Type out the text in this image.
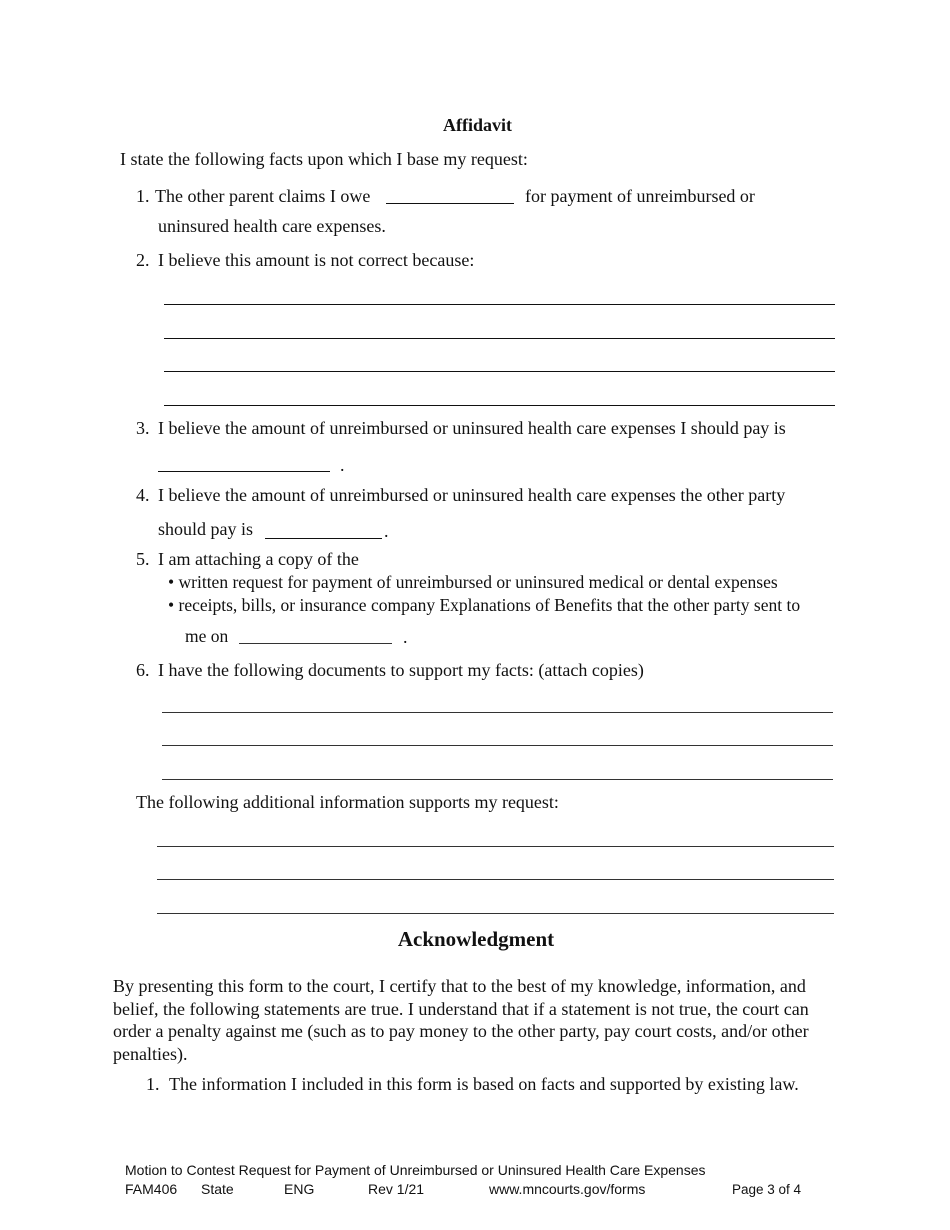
Affidavit
I state the following facts upon which I base my request:
1. The other parent claims I owe	for payment of unreimbursed or
uninsured health care expenses.
2. I believe this amount is not correct because:
3. I believe the amount of unreimbursed or uninsured health care expenses I should pay is
.
4. I believe the amount of unreimbursed or uninsured health care expenses the other party
should pay is	.
5. I am attaching a copy of the
• written request for payment of unreimbursed or uninsured medical or dental expenses
• receipts, bills, or insurance company Explanations of Benefits that the other party sent to
me on	.
6. I have the following documents to support my facts: (attach copies)
The following additional information supports my request:
Acknowledgment
By presenting this form to the court, I certify that to the best of my knowledge, information, and belief, the following statements are true. I understand that if a statement is not true, the court can order a penalty against me (such as to pay money to the other party, pay court costs, and/or other penalties).
1. The information I included in this form is based on facts and supported by existing law.
Motion to Contest Request for Payment of Unreimbursed or Uninsured Health Care Expenses
FAM406 State	ENG	Rev 1/21	www.mncourts.gov/forms	Page 3 of 4
